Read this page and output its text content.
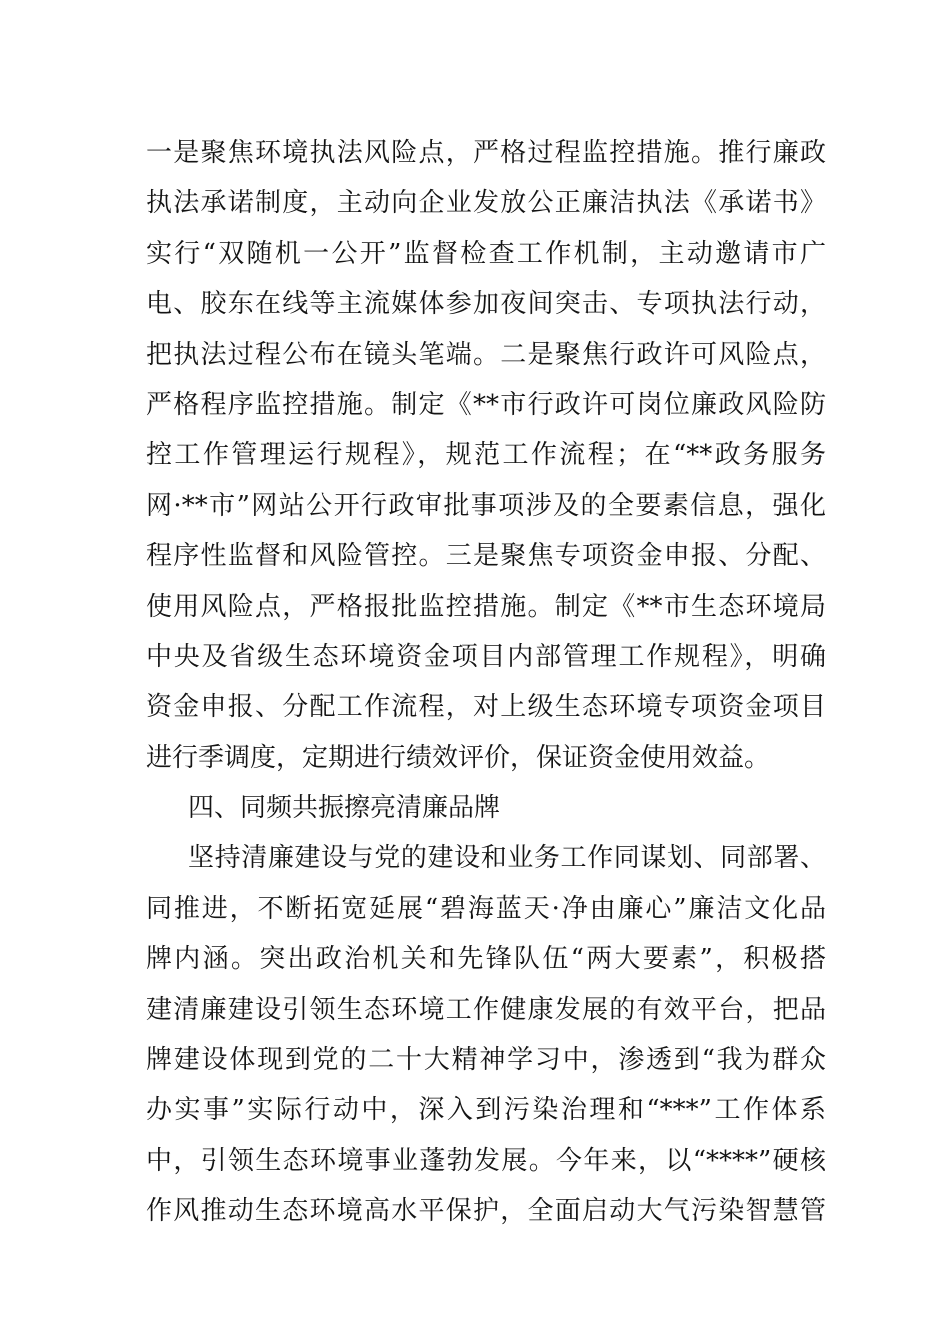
一是聚焦环境执法风险点，严格过程监控措施。推行廉政
执法承诺制度，主动向企业发放公正廉洁执法《承诺书》
实行“双随机一公开”监督检查工作机制，主动邀请市广
电、胶东在线等主流媒体参加夜间突击、专项执法行动，
把执法过程公布在镜头笔端。二是聚焦行政许可风险点，
严格程序监控措施。制定《**市行政许可岗位廉政风险防
控工作管理运行规程》，规范工作流程；在“**政务服务
网·**市”网站公开行政审批事项涉及的全要素信息，强化
程序性监督和风险管控。三是聚焦专项资金申报、分配、
使用风险点，严格报批监控措施。制定《**市生态环境局
中央及省级生态环境资金项目内部管理工作规程》，明确
资金申报、分配工作流程，对上级生态环境专项资金项目
进行季调度，定期进行绩效评价，保证资金使用效益。
四、同频共振擦亮清廉品牌
坚持清廉建设与党的建设和业务工作同谋划、同部署、
同推进，不断拓宽延展“碧海蓝天·净由廉心”廉洁文化品
牌内涵。突出政治机关和先锋队伍“两大要素”，积极搭
建清廉建设引领生态环境工作健康发展的有效平台，把品
牌建设体现到党的二十大精神学习中，渗透到“我为群众
办实事”实际行动中，深入到污染治理和“***”工作体系
中，引领生态环境事业蓬勃发展。今年来，以“****”硬核
作风推动生态环境高水平保护，全面启动大气污染智慧管
